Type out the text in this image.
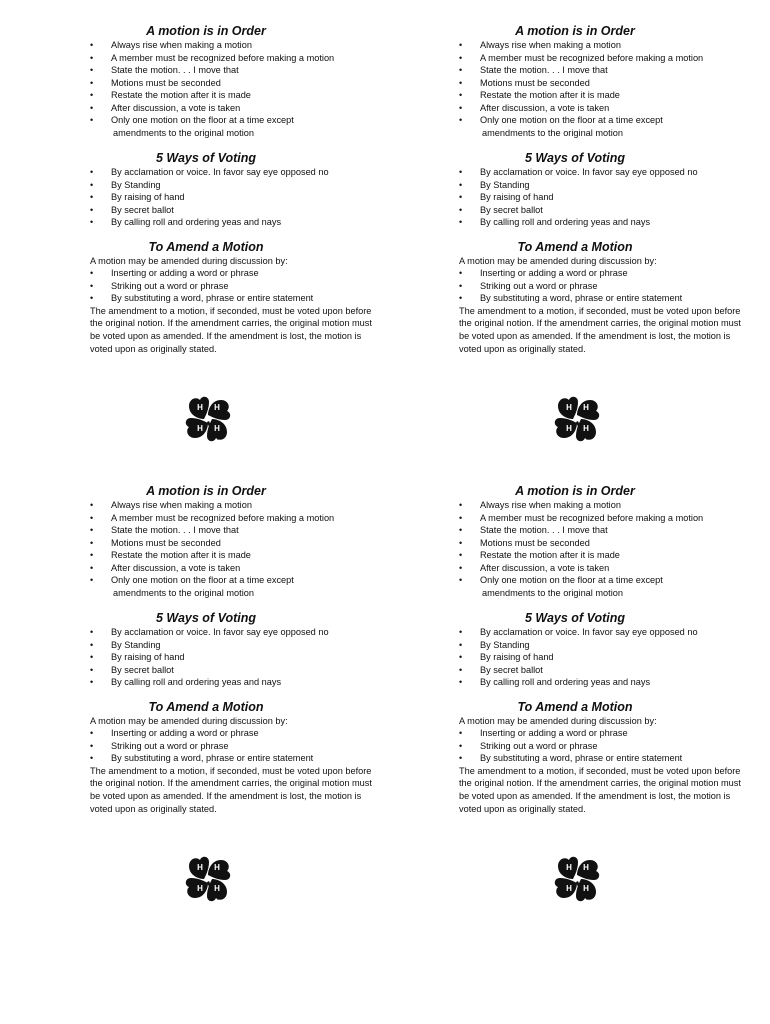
A motion is in Order
• Always rise when making a motion
• A member must be recognized before making a motion
• State the motion. . . I move that
• Motions must be seconded
• Restate the motion after it is made
• After discussion, a vote is taken
• Only one motion on the floor at a time except
amendments to the original motion
5 Ways of Voting
• By acclamation or voice. In favor say eye opposed no
• By Standing
• By raising of hand
• By secret ballot
• By calling roll and ordering yeas and nays
To Amend a Motion

A motion may be amended during discussion by:

• Inserting or adding a word or phrase
• Striking out a word or phrase
• By substituting a word, phrase or entire statement

The amendment to a motion, if seconded, must be voted upon before the original notion. If the amendment carries, the original motion must be voted upon as amended. If the amendment is lost, the motion is voted upon as originally stated.

H H
H H
A motion is in Order
• Always rise when making a motion
• A member must be recognized before making a motion
• State the motion. . . I move that
• Motions must be seconded
• Restate the motion after it is made
• After discussion, a vote is taken
• Only one motion on the floor at a time except
amendments to the original motion
5 Ways of Voting
• By acclamation or voice. In favor say eye opposed no
• By Standing
• By raising of hand
• By secret ballot
• By calling roll and ordering yeas and nays
To Amend a Motion

A motion may be amended during discussion by:

• Inserting or adding a word or phrase
• Striking out a word or phrase
• By substituting a word, phrase or entire statement

The amendment to a motion, if seconded, must be voted upon before the original notion. If the amendment carries, the original motion must be voted upon as amended. If the amendment is lost, the motion is voted upon as originally stated.

H H
H H
A motion is in Order
• Always rise when making a motion
• A member must be recognized before making a motion
• State the motion. . . I move that
• Motions must be seconded
• Restate the motion after it is made
• After discussion, a vote is taken
• Only one motion on the floor at a time except
amendments to the original motion
5 Ways of Voting
• By acclamation or voice. In favor say eye opposed no
• By Standing
• By raising of hand
• By secret ballot
• By calling roll and ordering yeas and nays
To Amend a Motion

A motion may be amended during discussion by:

• Inserting or adding a word or phrase
• Striking out a word or phrase
• By substituting a word, phrase or entire statement

The amendment to a motion, if seconded, must be voted upon before the original notion. If the amendment carries, the original motion must be voted upon as amended. If the amendment is lost, the motion is voted upon as originally stated.

H H
H H
A motion is in Order
• Always rise when making a motion
• A member must be recognized before making a motion
• State the motion. . . I move that
• Motions must be seconded
• Restate the motion after it is made
• After discussion, a vote is taken
• Only one motion on the floor at a time except
amendments to the original motion
5 Ways of Voting
• By acclamation or voice. In favor say eye opposed no
• By Standing
• By raising of hand
• By secret ballot
• By calling roll and ordering yeas and nays
To Amend a Motion

A motion may be amended during discussion by:

• Inserting or adding a word or phrase
• Striking out a word or phrase
• By substituting a word, phrase or entire statement

The amendment to a motion, if seconded, must be voted upon before the original notion. If the amendment carries, the original motion must be voted upon as amended. If the amendment is lost, the motion is voted upon as originally stated.

H H
H H
